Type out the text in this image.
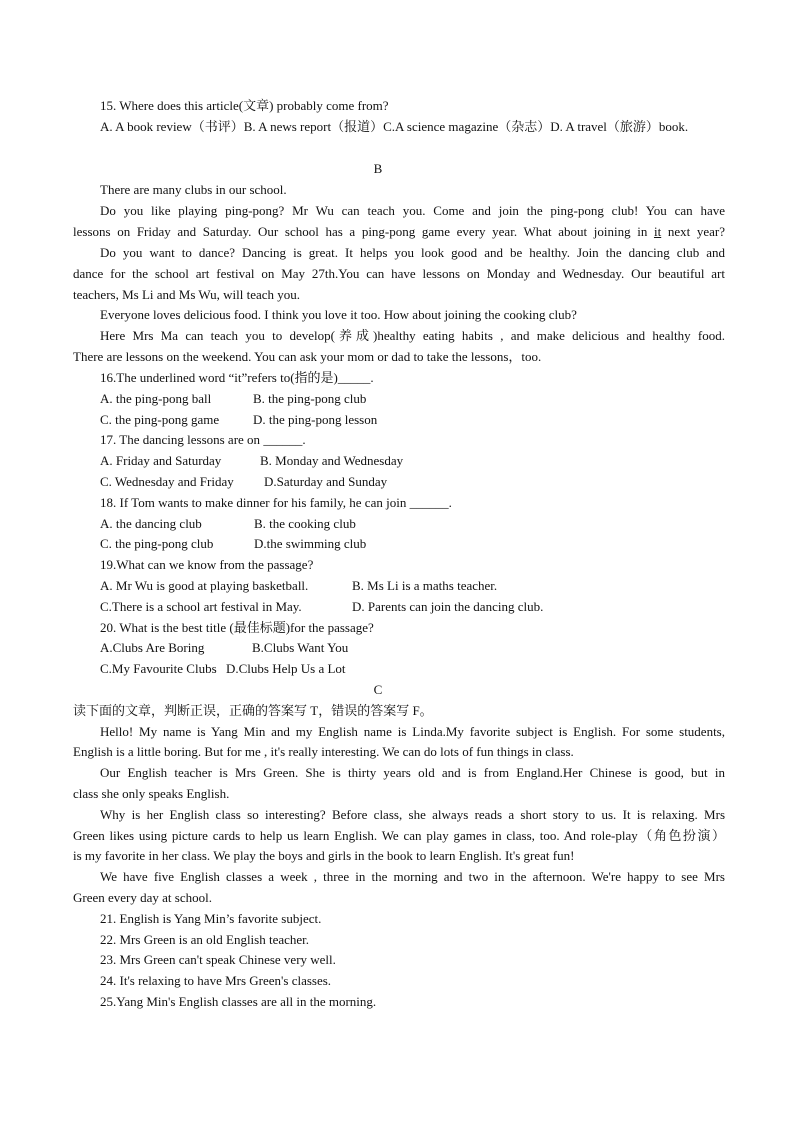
15. Where does this article(文章) probably come from?
A. A book review（书评）B. A news report（报道）C.A science magazine（杂志）D. A travel（旅游）book.
B
There are many clubs in our school.
Do you like playing ping-pong? Mr Wu can teach you. Come and join the ping-pong club! You can have
lessons on Friday and Saturday. Our school has a ping-pong game every year. What about joining in it next year?
Do you want to dance? Dancing is great. It helps you look good and be healthy. Join the dancing club and
dance for the school art festival on May 27th.You can have lessons on Monday and Wednesday. Our beautiful art
teachers, Ms Li and Ms Wu, will teach you.
Everyone loves delicious food. I think you love it too. How about joining the cooking club?
Here Mrs Ma can teach you to develop(养成)healthy eating habits , and make delicious and healthy food.
There are lessons on the weekend. You can ask your mom or dad to take the lessons，too.
16.The underlined word “it”refers to(指的是)_____.
A. the ping-pong ball	B. the ping-pong club
C. the ping-pong game	D. the ping-pong lesson
17. The dancing lessons are on ______.
A. Friday and Saturday	B. Monday and Wednesday
C. Wednesday and Friday D.Saturday and Sunday
18. If Tom wants to make dinner for his family, he can join ______.
A. the dancing club	B. the cooking club
C. the ping-pong club	D.the swimming club
19.What can we know from the passage?
A. Mr Wu is good at playing basketball.	B. Ms Li is a maths teacher.
C.There is a school art festival in May.	D. Parents can join the dancing club.
20. What is the best title (最佳标题)for the passage?
A.Clubs Are Boring	B.Clubs Want You
C.My Favourite Clubs D.Clubs Help Us a Lot
C
读下面的文章，判断正误，正确的答案写 T，错误的答案写 F。
Hello! My name is Yang Min and my English name is Linda.My favorite subject is English. For some students,
English is a little boring. But for me , it's really interesting. We can do lots of fun things in class.
Our English teacher is Mrs Green. She is thirty years old and is from England.Her Chinese is good, but in
class she only speaks English.
Why is her English class so interesting? Before class, she always reads a short story to us. It is relaxing. Mrs
Green likes using picture cards to help us learn English. We can play games in class, too. And role-play（角色扮演）
is my favorite in her class. We play the boys and girls in the book to learn English. It's great fun!
We have five English classes a week , three in the morning and two in the afternoon. We're happy to see Mrs
Green every day at school.
21. English is Yang Min’s favorite subject.
22. Mrs Green is an old English teacher.
23. Mrs Green can't speak Chinese very well.
24. It's relaxing to have Mrs Green's classes.
25.Yang Min's English classes are all in the morning.
